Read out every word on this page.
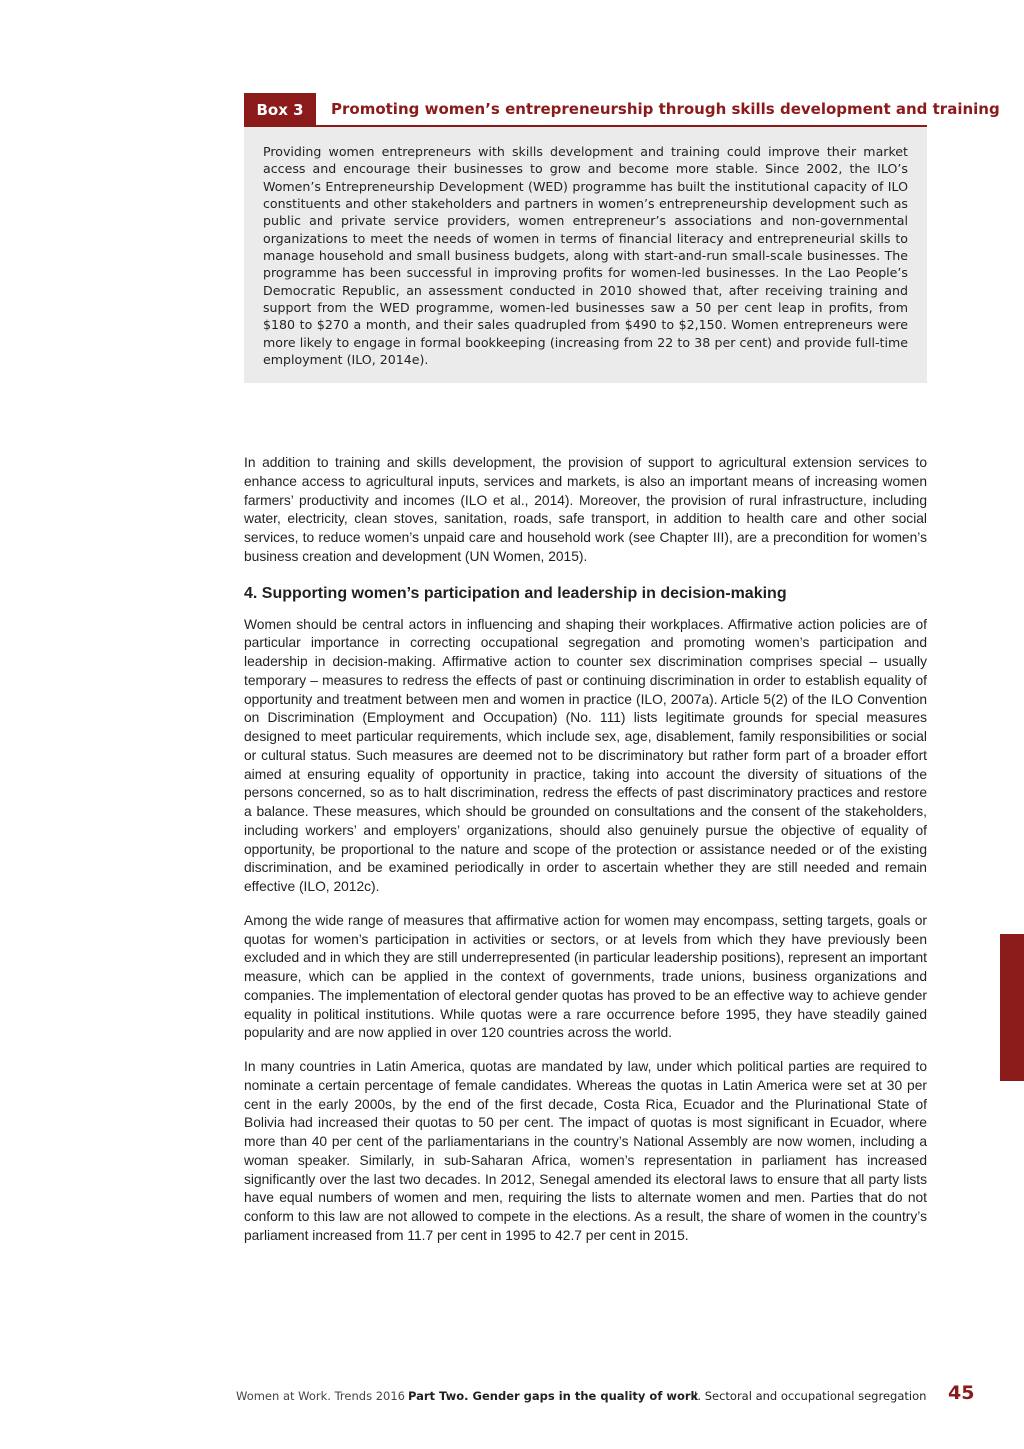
Box 3	Promoting women’s entrepreneurship through skills development and training

Providing women entrepreneurs with skills development and training could improve their market access and encourage their businesses to grow and become more stable. Since 2002, the ILO’s Women’s Entrepreneurship Development (WED) programme has built the institutional capacity of ILO constituents and other stakeholders and partners in women’s entrepreneurship development such as public and private service providers, women entrepreneur’s associations and non-governmental organizations to meet the needs of women in terms of financial literacy and entrepreneurial skills to manage household and small business budgets, along with start-and-run small-scale businesses. The programme has been successful in improving profits for women-led businesses. In the Lao People’s Democratic Republic, an assessment conducted in 2010 showed that, after receiving training and support from the WED programme, women-led businesses saw a 50 per cent leap in profits, from $180 to $270 a month, and their sales quadrupled from $490 to $2,150. Women entrepreneurs were more likely to engage in formal bookkeeping (increasing from 22 to 38 per cent) and provide full-time employment (ILO, 2014e).

In addition to training and skills development, the provision of support to agricultural extension services to enhance access to agricultural inputs, services and markets, is also an important means of increasing women farmers’ productivity and incomes (ILO et al., 2014). Moreover, the provision of rural infrastructure, including water, electricity, clean stoves, sanitation, roads, safe transport, in addition to health care and other social services, to reduce women’s unpaid care and household work (see Chapter III), are a precondition for women’s business creation and development (UN Women, 2015).

4. Supporting women’s participation and leadership in decision-making

Women should be central actors in influencing and shaping their workplaces. Affirmative action policies are of particular importance in correcting occupational segregation and promoting women’s participation and leadership in decision-making. Affirmative action to counter sex discrimination comprises special – usually temporary – measures to redress the effects of past or continuing discrimination in order to establish equality of opportunity and treatment between men and women in practice (ILO, 2007a). Article 5(2) of the ILO Convention on Discrimination (Employment and Occupation) (No. 111) lists legitimate grounds for special measures designed to meet particular requirements, which include sex, age, disablement, family responsibilities or social or cultural status. Such measures are deemed not to be discriminatory but rather form part of a broader effort aimed at ensuring equality of opportunity in practice, taking into account the diversity of situations of the persons concerned, so as to halt discrimination, redress the effects of past discriminatory practices and restore a balance. These measures, which should be grounded on consultations and the consent of the stakeholders, including workers’ and employers’ organizations, should also genuinely pursue the objective of equality of opportunity, be proportional to the nature and scope of the protection or assistance needed or of the existing discrimination, and be examined periodically in order to ascertain whether they are still needed and remain effective (ILO, 2012c).

Among the wide range of measures that affirmative action for women may encompass, setting targets, goals or quotas for women’s participation in activities or sectors, or at levels from which they have previously been excluded and in which they are still underrepresented (in particular leadership positions), represent an important measure, which can be applied in the context of governments, trade unions, business organizations and companies. The implementation of electoral gender quotas has proved to be an effective way to achieve gender equality in political institutions. While quotas were a rare occurrence before 1995, they have steadily gained popularity and are now applied in over 120 countries across the world.

In many countries in Latin America, quotas are mandated by law, under which political parties are required to nominate a certain percentage of female candidates. Whereas the quotas in Latin America were set at 30 per cent in the early 2000s, by the end of the first decade, Costa Rica, Ecuador and the Plurinational State of Bolivia had increased their quotas to 50 per cent. The impact of quotas is most significant in Ecuador, where more than 40 per cent of the parliamentarians in the country’s National Assembly are now women, including a woman speaker. Similarly, in sub-Saharan Africa, women’s representation in parliament has increased significantly over the last two decades. In 2012, Senegal amended its electoral laws to ensure that all party lists have equal numbers of women and men, requiring the lists to alternate women and men. Parties that do not conform to this law are not allowed to compete in the elections. As a result, the share of women in the country’s parliament increased from 11.7 per cent in 1995 to 42.7 per cent in 2015.

Women at Work. Trends 2016 Part Two. Gender gaps in the quality of work
I. Sectoral and occupational segregation 45
